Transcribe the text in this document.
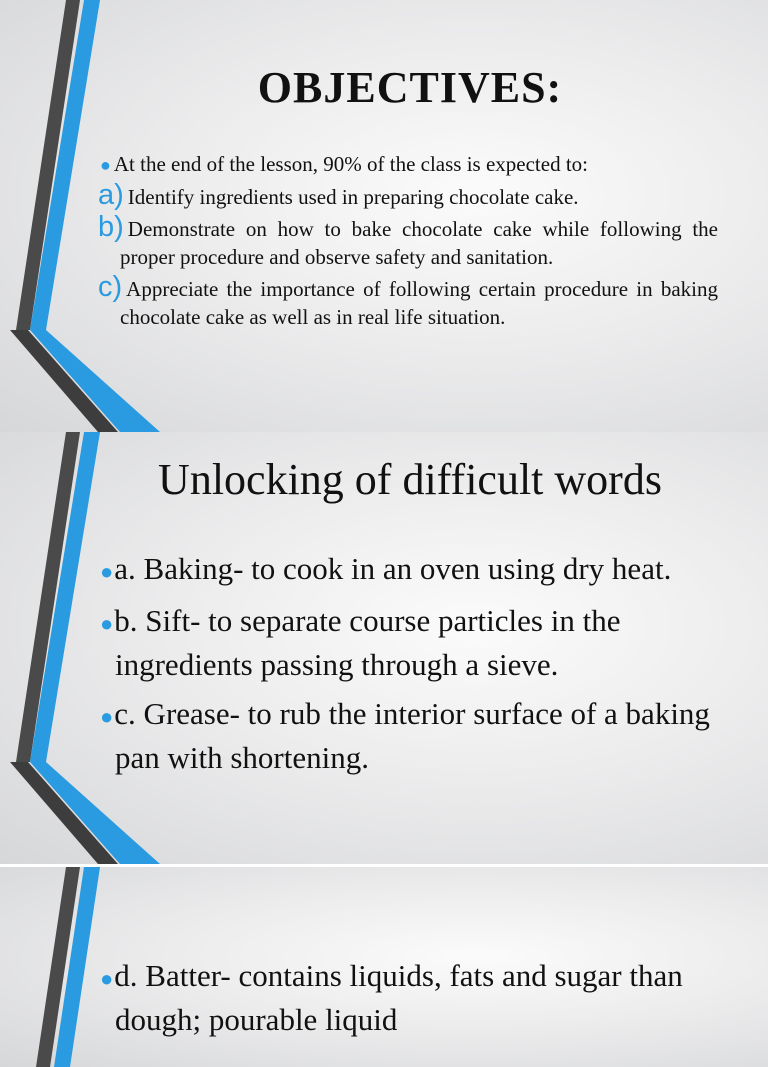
OBJECTIVES:

● At the end of the lesson, 90% of the class is expected to:

a) Identify ingredients used in preparing chocolate cake.

b) Demonstrate on how to bake chocolate cake while following the proper procedure and observe safety and sanitation.

c) Appreciate the importance of following certain procedure in baking chocolate cake as well as in real life situation.

Unlocking of difficult words

●a. Baking- to cook in an oven using dry heat.

●b. Sift- to separate course particles in the ingredients passing through a sieve.

●c. Grease- to rub the interior surface of a baking pan with shortening.

●d. Batter- contains liquids, fats and sugar than dough; pourable liquid
